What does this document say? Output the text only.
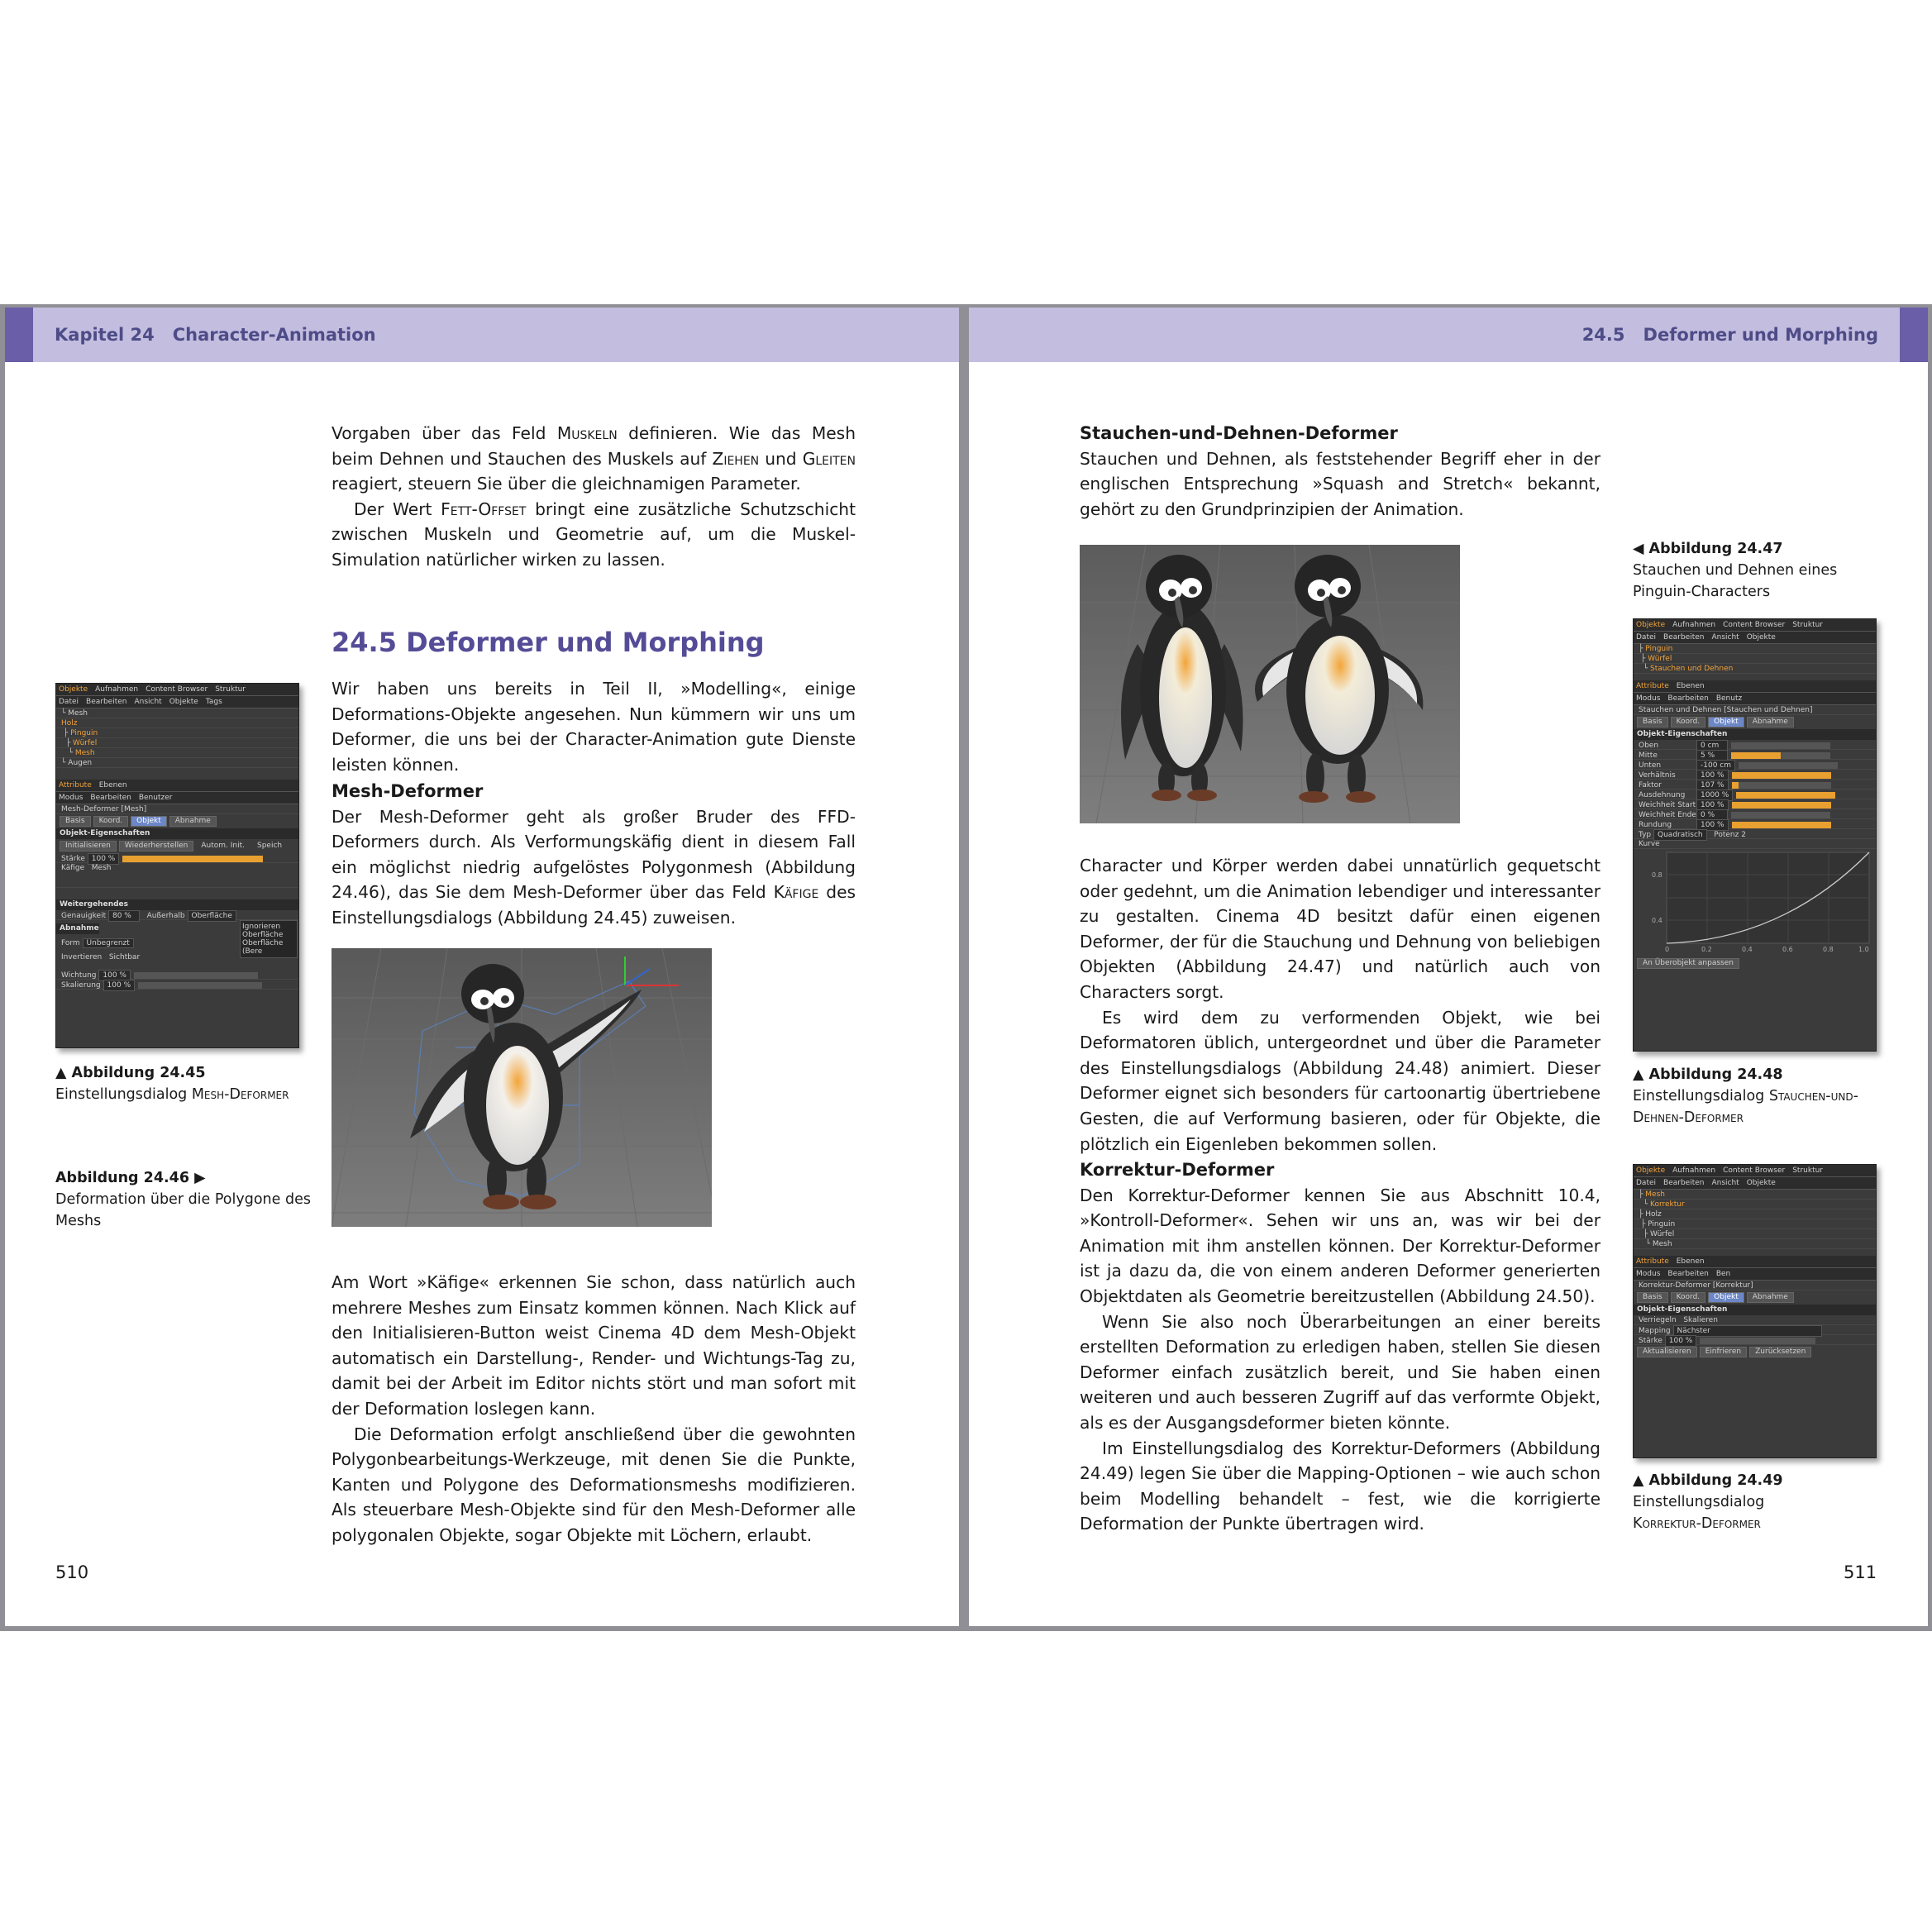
Kapitel 24 Character-Animation

Vorgaben über das Feld Muskeln definieren. Wie das Mesh beim Dehnen und Stauchen des Muskels auf Ziehen und Gleiten reagiert, steuern Sie über die gleichnamigen Parameter.

Der Wert Fett-Offset bringt eine zusätzliche Schutzschicht zwischen Muskeln und Geometrie auf, um die Muskel-Simulation natürlicher wirken zu lassen.

24.5 Deformer und Morphing

Wir haben uns bereits in Teil II, »Modelling«, einige Deformations-Objekte angesehen. Nun kümmern wir uns um Deformer, die uns bei der Character-Animation gute Dienste leisten können.

Mesh-Deformer

Der Mesh-Deformer geht als großer Bruder des FFD-Deformers durch. Als Verformungskäfig dient in diesem Fall ein möglichst niedrig aufgelöstes Polygonmesh (Abbildung 24.46), das Sie dem Mesh-Deformer über das Feld Käfige des Einstellungsdialogs (Abbildung 24.45) zuweisen.

Am Wort »Käfige« erkennen Sie schon, dass natürlich auch mehrere Meshes zum Einsatz kommen können. Nach Klick auf den Initialisieren-Button weist Cinema 4D dem Mesh-Objekt automatisch ein Darstellung-, Render- und Wichtungs-Tag zu, damit bei der Arbeit im Editor nichts stört und man sofort mit der Deformation loslegen kann.

Die Deformation erfolgt anschließend über die gewohnten Polygonbearbeitungs-Werkzeuge, mit denen Sie die Punkte, Kanten und Polygone des Deformationsmeshs modifizieren. Als steuerbare Mesh-Objekte sind für den Mesh-Deformer alle polygonalen Objekte, sogar Objekte mit Löchern, erlaubt.

Objekte Aufnahmen Content Browser Struktur
Datei Bearbeiten Ansicht Objekte Tags
└ Mesh
Holz
├ Pinguin
├ Würfel
└ Mesh
└ Augen
Attribute Ebenen
Modus Bearbeiten Benutzer
Mesh-Deformer [Mesh]
Basis Koord. Objekt Abnahme
Objekt-Eigenschaften
Initialisieren Wiederherstellen Autom. Init. Speich
Stärke 100 %
Käfige Mesh
Weitergehendes
Genauigkeit 80 % Außerhalb Oberfläche
Abnahme	Ignorieren
Oberfläche
Oberfläche (Bere
Form Unbegrenzt
Invertieren Sichtbar
Wichtung 100 %
Skalierung 100 %
▲ Abbildung 24.45
Einstellungsdialog Mesh-Deformer
Abbildung 24.46 ▶
Deformation über die Polygone des Meshs
510
24.5 Deformer und Morphing
Stauchen-und-Dehnen-Deformer

Stauchen und Dehnen, als feststehender Begriff eher in der englischen Entsprechung »Squash and Stretch« bekannt, gehört zu den Grundprinzipien der Animation.

Character und Körper werden dabei unnatürlich gequetscht oder gedehnt, um die Animation lebendiger und interessanter zu gestalten. Cinema 4D besitzt dafür einen eigenen Deformer, der für die Stauchung und Dehnung von beliebigen Objekten (Abbildung 24.47) und natürlich auch von Characters sorgt.

Es wird dem zu verformenden Objekt, wie bei Deformatoren üblich, untergeordnet und über die Parameter des Einstellungsdialogs (Abbildung 24.48) animiert. Dieser Deformer eignet sich besonders für cartoonartig übertriebene Gesten, die auf Verformung basieren, oder für Objekte, die plötzlich ein Eigenleben bekommen sollen.

Korrektur-Deformer

Den Korrektur-Deformer kennen Sie aus Abschnitt 10.4, »Kontroll-Deformer«. Sehen wir uns an, was wir bei der Animation mit ihm anstellen können. Der Korrektur-Deformer ist ja dazu da, die von einem anderen Deformer generierten Objektdaten als Geometrie bereitzustellen (Abbildung 24.50).

Wenn Sie also noch Überarbeitungen an einer bereits erstellten Deformation zu erledigen haben, stellen Sie diesen Deformer einfach zusätzlich bereit, und Sie haben einen weiteren und auch besseren Zugriff auf das verformte Objekt, als es der Ausgangsdeformer bieten könnte.

Im Einstellungsdialog des Korrektur-Deformers (Abbildung 24.49) legen Sie über die Mapping-Optionen – wie auch schon beim Modelling behandelt – fest, wie die korrigierte Deformation der Punkte übertragen wird.

◀ Abbildung 24.47
Stauchen und Dehnen eines Pinguin-Characters
Objekte Aufnahmen Content Browser Struktur
Datei Bearbeiten Ansicht Objekte
├ Pinguin
├ Würfel
└ Stauchen und Dehnen
Attribute Ebenen
Modus Bearbeiten Benutz
Stauchen und Dehnen [Stauchen und Dehnen]
Basis Koord. Objekt Abnahme
Objekt-Eigenschaften
Oben	0 cm
Mitte	5 %
Unten	-100 cm
Verhältnis	100 %
Faktor	107 %
Ausdehnung 1000 %
Weichheit Start 100 %
Weichheit Ende 0 %
Rundung	100 %
Typ Quadratisch Potenz 2
Kurve
0.8
0.4
0	0.2	0.4	0.6	0.8	1.0
An Überobjekt anpassen
▲ Abbildung 24.48
Einstellungsdialog Stauchen-und-Dehnen-Deformer
Objekte Aufnahmen Content Browser Struktur
Datei Bearbeiten Ansicht Objekte
├ Mesh
└ Korrektur
├ Holz
├ Pinguin
├ Würfel
└ Mesh
Attribute Ebenen
Modus Bearbeiten Ben
Korrektur-Deformer [Korrektur]
Basis Koord. Objekt Abnahme
Objekt-Eigenschaften
Verriegeln Skalieren
Mapping Nächster
Stärke 100 %
Aktualisieren Einfrieren Zurücksetzen
▲ Abbildung 24.49
Einstellungsdialog
Korrektur-Deformer
511
